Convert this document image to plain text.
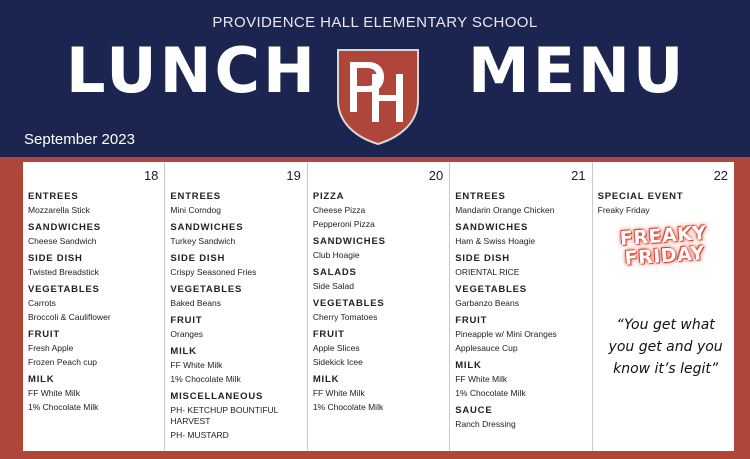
PROVIDENCE HALL ELEMENTARY SCHOOL
LUNCH MENU
September 2023
18
ENTREES
Mozzarella Stick
SANDWICHES
Cheese Sandwich
SIDE DISH
Twisted Breadstick
VEGETABLES
Carrots
Broccoli & Cauliflower
FRUIT
Fresh Apple
Frozen Peach cup
MILK
FF White Milk
1% Chocolate Milk
19
ENTREES
Mini Corndog
SANDWICHES
Turkey Sandwich
SIDE DISH
Crispy Seasoned Fries
VEGETABLES
Baked Beans
FRUIT
Oranges
MILK
FF White Milk
1% Chocolate Milk
MISCELLANEOUS
PH- KETCHUP BOUNTIFUL HARVEST
PH- MUSTARD
20
PIZZA
Cheese Pizza
Pepperoni Pizza
SANDWICHES
Club Hoagie
SALADS
Side Salad
VEGETABLES
Cherry Tomatoes
FRUIT
Apple Slices
Sidekick Icee
MILK
FF White Milk
1% Chocolate Milk
21
ENTREES
Mandarin Orange Chicken
SANDWICHES
Ham & Swiss Hoagie
SIDE DISH
ORIENTAL RICE
VEGETABLES
Garbanzo Beans
FRUIT
Pineapple w/ Mini Oranges
Applesauce Cup
MILK
FF White Milk
1% Chocolate Milk
SAUCE
Ranch Dressing
22
SPECIAL EVENT
Freaky Friday
FREAKY
FRIDAY
“You get what you get and you know it’s legit”
